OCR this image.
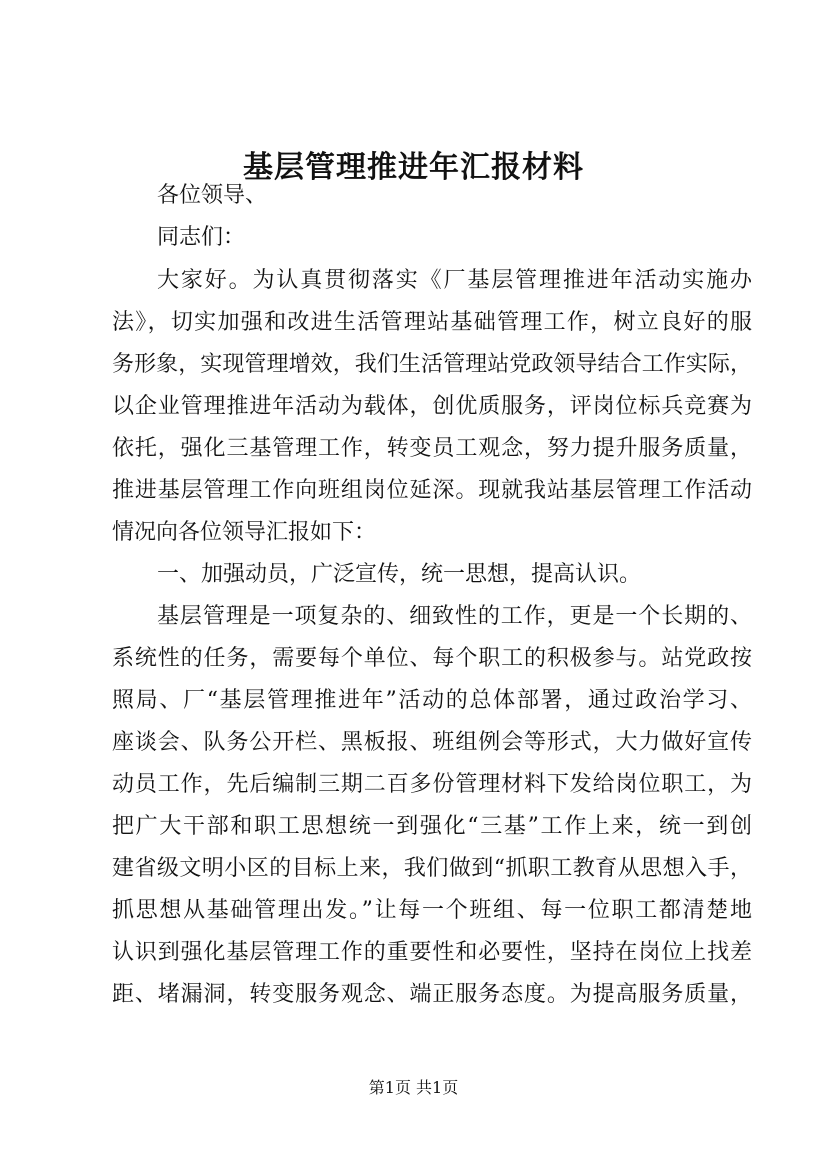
基层管理推进年汇报材料
各位领导、
同志们：
大家好。为认真贯彻落实《厂基层管理推进年活动实施办
法》，切实加强和改进生活管理站基础管理工作，树立良好的服
务形象，实现管理增效，我们生活管理站党政领导结合工作实际，
以企业管理推进年活动为载体，创优质服务，评岗位标兵竞赛为
依托，强化三基管理工作，转变员工观念，努力提升服务质量，
推进基层管理工作向班组岗位延深。现就我站基层管理工作活动
情况向各位领导汇报如下：
一、加强动员，广泛宣传，统一思想，提高认识。
基层管理是一项复杂的、细致性的工作，更是一个长期的、
系统性的任务，需要每个单位、每个职工的积极参与。站党政按
照局、厂“基层管理推进年”活动的总体部署，通过政治学习、
座谈会、队务公开栏、黑板报、班组例会等形式，大力做好宣传
动员工作，先后编制三期二百多份管理材料下发给岗位职工，为
把广大干部和职工思想统一到强化“三基”工作上来，统一到创
建省级文明小区的目标上来，我们做到“抓职工教育从思想入手，
抓思想从基础管理出发。”让每一个班组、每一位职工都清楚地
认识到强化基层管理工作的重要性和必要性，坚持在岗位上找差
距、堵漏洞，转变服务观念、端正服务态度。为提高服务质量，
第1页 共1页
